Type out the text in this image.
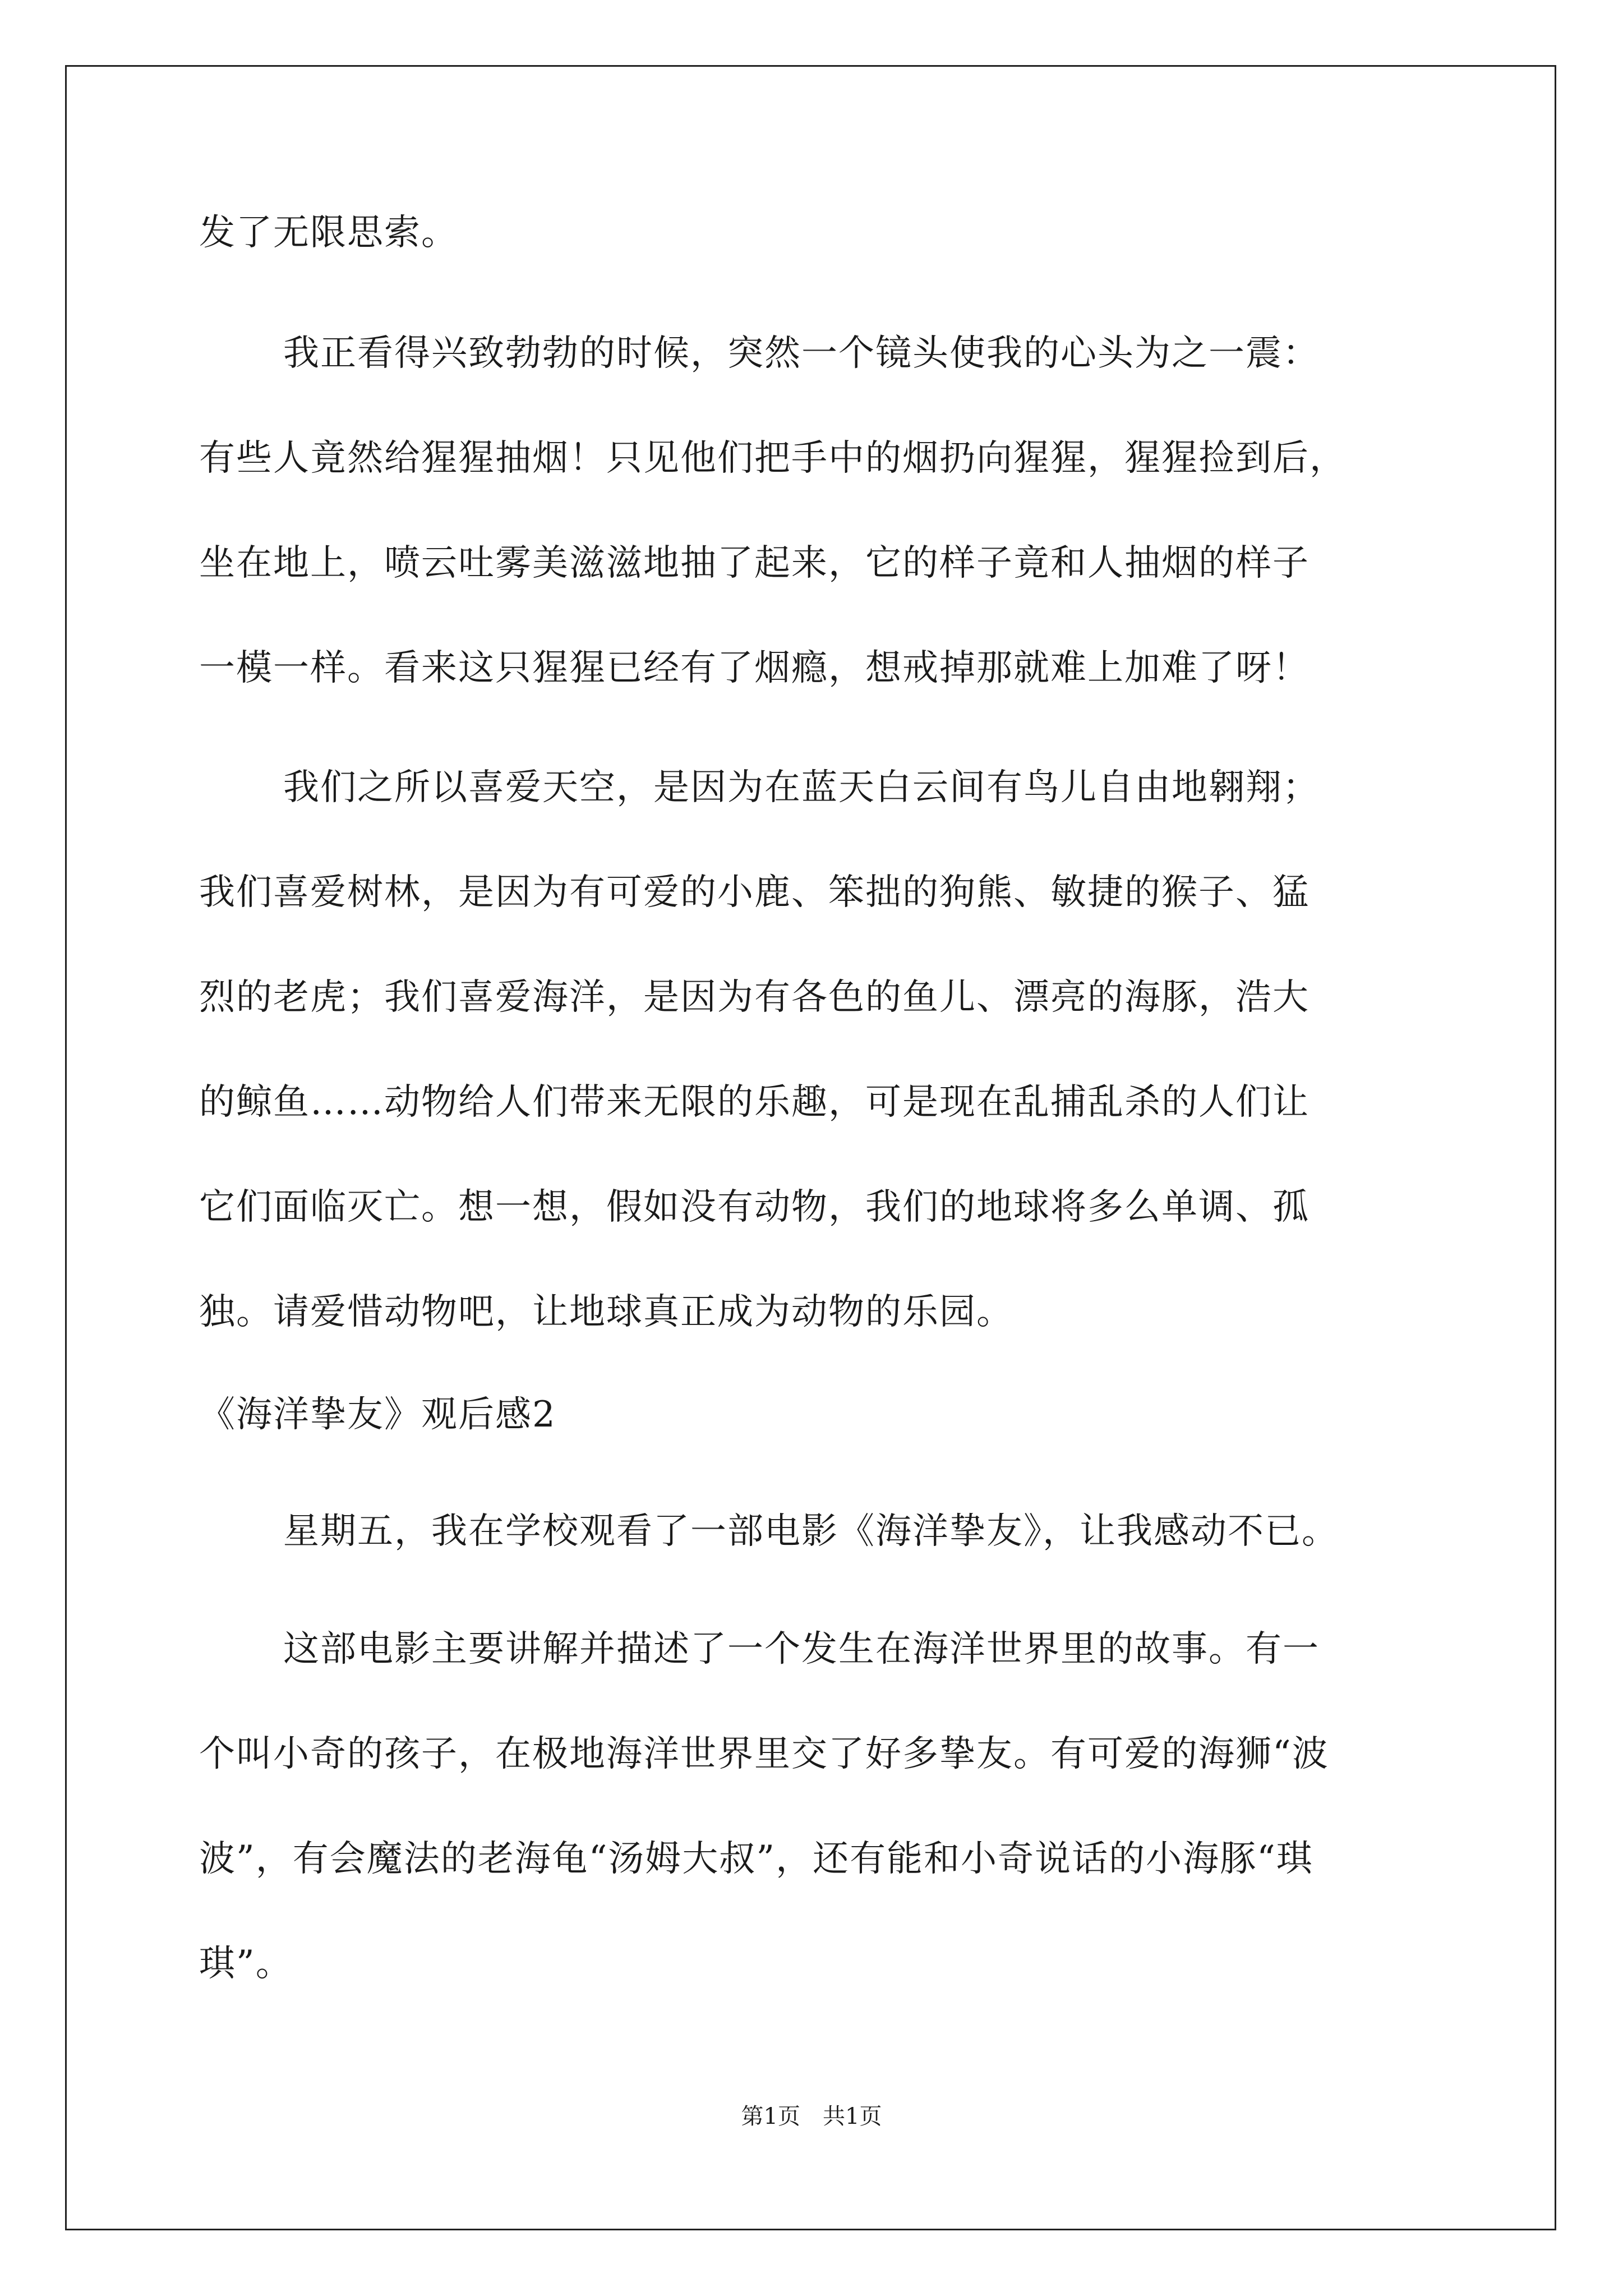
发了无限思索。
我正看得兴致勃勃的时候，突然一个镜头使我的心头为之一震：
有些人竟然给猩猩抽烟！只见他们把手中的烟扔向猩猩，猩猩捡到后，
坐在地上，喷云吐雾美滋滋地抽了起来，它的样子竟和人抽烟的样子
一模一样。看来这只猩猩已经有了烟瘾，想戒掉那就难上加难了呀！
我们之所以喜爱天空，是因为在蓝天白云间有鸟儿自由地翱翔；
我们喜爱树林，是因为有可爱的小鹿、笨拙的狗熊、敏捷的猴子、猛
烈的老虎；我们喜爱海洋，是因为有各色的鱼儿、漂亮的海豚，浩大
的鲸鱼……动物给人们带来无限的乐趣，可是现在乱捕乱杀的人们让
它们面临灭亡。想一想，假如没有动物，我们的地球将多么单调、孤
独。请爱惜动物吧，让地球真正成为动物的乐园。
《海洋挚友》观后感2
星期五，我在学校观看了一部电影《海洋挚友》，让我感动不已。
这部电影主要讲解并描述了一个发生在海洋世界里的故事。有一
个叫小奇的孩子，在极地海洋世界里交了好多挚友。有可爱的海狮“波
波”，有会魔法的老海龟“汤姆大叔”，还有能和小奇说话的小海豚“琪
琪”。
第1页　共1页
